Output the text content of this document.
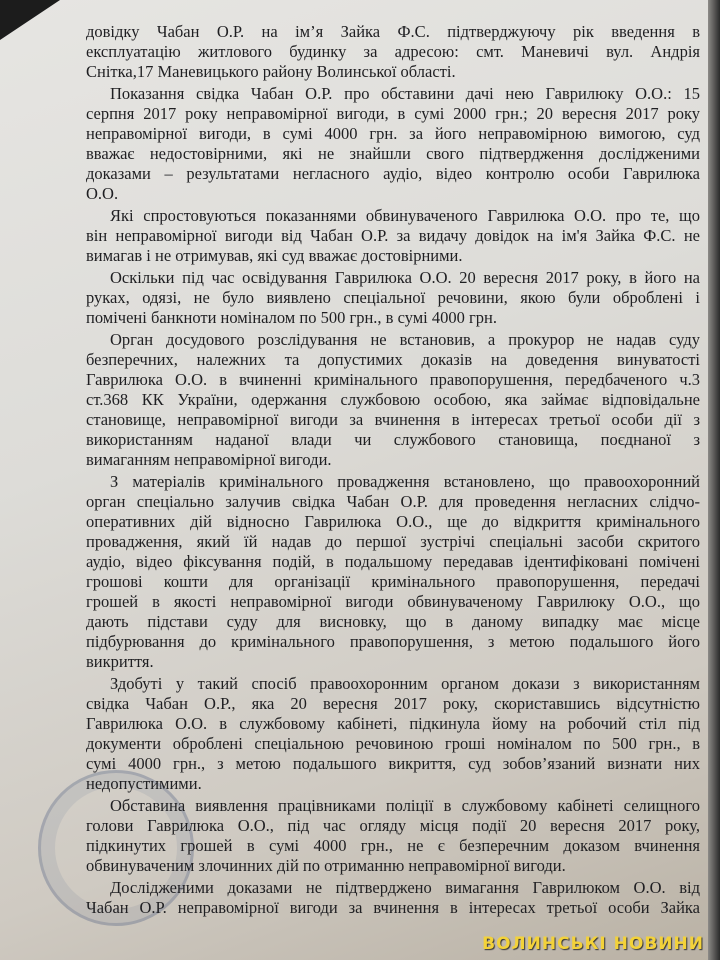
довідку Чабан О.Р. на ім’я Зайка Ф.С. підтверджуючу рік введення в
експлуатацію житлового будинку за адресою: смт. Маневичі вул. Андрія
Снітка,17 Маневицького району Волинської області.
Показання свідка Чабан О.Р. про обставини дачі нею Гаврилюку О.О.: 15
серпня 2017 року неправомірної вигоди, в сумі 2000 грн.; 20 вересня 2017 року
неправомірної вигоди, в сумі 4000 грн. за його неправомірною вимогою, суд
вважає недостовірними, які не знайшли свого підтвердження дослідженими
доказами – результатами негласного аудіо, відео контролю особи Гаврилюка
О.О.
Які спростовуються показаннями обвинуваченого Гаврилюка О.О. про те, що
він неправомірної вигоди від Чабан О.Р. за видачу довідок на ім'я Зайка Ф.С. не
вимагав і не отримував, які суд вважає достовірними.
Оскільки під час освідування Гаврилюка О.О. 20 вересня 2017 року, в його на
руках, одязі, не було виявлено спеціальної речовини, якою були оброблені і
помічені банкноти номіналом по 500 грн., в сумі 4000 грн.
Орган досудового розслідування не встановив, а прокурор не надав суду
безперечних, належних та допустимих доказів на доведення винуватості
Гаврилюка О.О. в вчиненні кримінального правопорушення, передбаченого ч.3
ст.368 КК України, одержання службовою особою, яка займає відповідальне
становище, неправомірної вигоди за вчинення в інтересах третьої особи дії з
використанням наданої влади чи службового становища, поєднаної з
вимаганням неправомірної вигоди.
З матеріалів кримінального провадження встановлено, що правоохоронний
орган спеціально залучив свідка Чабан О.Р. для проведення негласних слідчо-
оперативних дій відносно Гаврилюка О.О., ще до відкриття кримінального
провадження, який їй надав до першої зустрічі спеціальні засоби скритого
аудіо, відео фіксування подій, в подальшому передавав ідентифіковані помічені
грошові кошти для організації кримінального правопорушення, передачі
грошей в якості неправомірної вигоди обвинуваченому Гаврилюку О.О., що
дають підстави суду для висновку, що в даному випадку має місце
підбурювання до кримінального правопорушення, з метою подальшого його
викриття.
Здобуті у такий спосіб правоохоронним органом докази з використанням
свідка Чабан О.Р., яка 20 вересня 2017 року, скориставшись відсутністю
Гаврилюка О.О. в службовому кабінеті, підкинула йому на робочий стіл під
документи оброблені спеціальною речовиною гроші номіналом по 500 грн., в
сумі 4000 грн., з метою подальшого викриття, суд зобов’язаний визнати них
недопустимими.
Обставина виявлення працівниками поліції в службовому кабінеті селищного
голови Гаврилюка О.О., під час огляду місця події 20 вересня 2017 року,
підкинутих грошей в сумі 4000 грн., не є безперечним доказом вчинення
обвинуваченим злочинних дій по отриманню неправомірної вигоди.
Дослідженими доказами не підтверджено вимагання Гаврилюком О.О. від
Чабан О.Р. неправомірної вигоди за вчинення в інтересах третьої особи Зайка
ВОЛИНСЬКІ НОВИНИ
